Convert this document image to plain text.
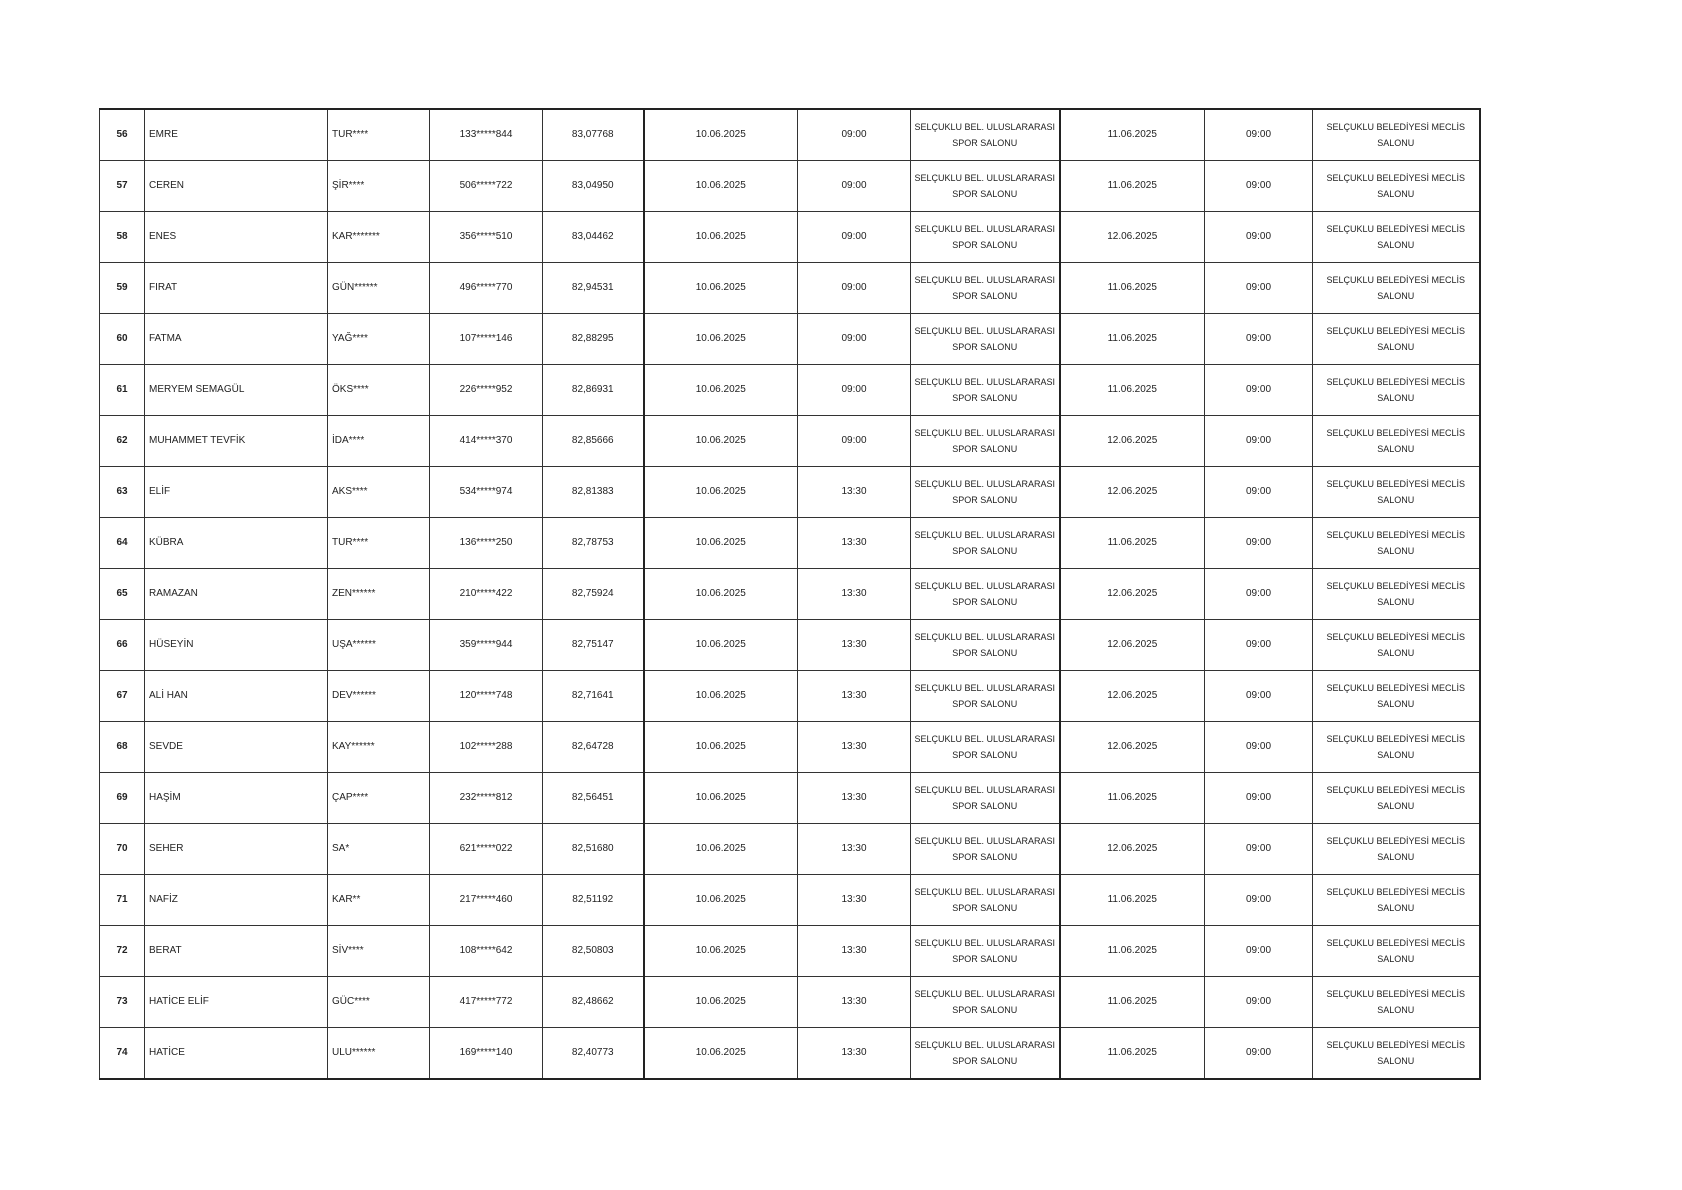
56	EMRE	TUR****	133*****844	83,07768	10.06.2025	09:00	SELÇUKLU BEL. ULUSLARARASI SPOR SALONU	11.06.2025	09:00	SELÇUKLU BELEDİYESİ MECLİS SALONU
57	CEREN	ŞİR****	506*****722	83,04950	10.06.2025	09:00	SELÇUKLU BEL. ULUSLARARASI SPOR SALONU	11.06.2025	09:00	SELÇUKLU BELEDİYESİ MECLİS SALONU
58	ENES	KAR*******	356*****510	83,04462	10.06.2025	09:00	SELÇUKLU BEL. ULUSLARARASI SPOR SALONU	12.06.2025	09:00	SELÇUKLU BELEDİYESİ MECLİS SALONU
59	FIRAT	GÜN******	496*****770	82,94531	10.06.2025	09:00	SELÇUKLU BEL. ULUSLARARASI SPOR SALONU	11.06.2025	09:00	SELÇUKLU BELEDİYESİ MECLİS SALONU
60	FATMA	YAĞ****	107*****146	82,88295	10.06.2025	09:00	SELÇUKLU BEL. ULUSLARARASI SPOR SALONU	11.06.2025	09:00	SELÇUKLU BELEDİYESİ MECLİS SALONU
61	MERYEM SEMAGÜL	ÖKS****	226*****952	82,86931	10.06.2025	09:00	SELÇUKLU BEL. ULUSLARARASI SPOR SALONU	11.06.2025	09:00	SELÇUKLU BELEDİYESİ MECLİS SALONU
62	MUHAMMET TEVFİK	İDA****	414*****370	82,85666	10.06.2025	09:00	SELÇUKLU BEL. ULUSLARARASI SPOR SALONU	12.06.2025	09:00	SELÇUKLU BELEDİYESİ MECLİS SALONU
63	ELİF	AKS****	534*****974	82,81383	10.06.2025	13:30	SELÇUKLU BEL. ULUSLARARASI SPOR SALONU	12.06.2025	09:00	SELÇUKLU BELEDİYESİ MECLİS SALONU
64	KÜBRA	TUR****	136*****250	82,78753	10.06.2025	13:30	SELÇUKLU BEL. ULUSLARARASI SPOR SALONU	11.06.2025	09:00	SELÇUKLU BELEDİYESİ MECLİS SALONU
65	RAMAZAN	ZEN******	210*****422	82,75924	10.06.2025	13:30	SELÇUKLU BEL. ULUSLARARASI SPOR SALONU	12.06.2025	09:00	SELÇUKLU BELEDİYESİ MECLİS SALONU
66	HÜSEYİN	UŞA******	359*****944	82,75147	10.06.2025	13:30	SELÇUKLU BEL. ULUSLARARASI SPOR SALONU	12.06.2025	09:00	SELÇUKLU BELEDİYESİ MECLİS SALONU
67	ALİ HAN	DEV******	120*****748	82,71641	10.06.2025	13:30	SELÇUKLU BEL. ULUSLARARASI SPOR SALONU	12.06.2025	09:00	SELÇUKLU BELEDİYESİ MECLİS SALONU
68	SEVDE	KAY******	102*****288	82,64728	10.06.2025	13:30	SELÇUKLU BEL. ULUSLARARASI SPOR SALONU	12.06.2025	09:00	SELÇUKLU BELEDİYESİ MECLİS SALONU
69	HAŞİM	ÇAP****	232*****812	82,56451	10.06.2025	13:30	SELÇUKLU BEL. ULUSLARARASI SPOR SALONU	11.06.2025	09:00	SELÇUKLU BELEDİYESİ MECLİS SALONU
70	SEHER	SA*	621*****022	82,51680	10.06.2025	13:30	SELÇUKLU BEL. ULUSLARARASI SPOR SALONU	12.06.2025	09:00	SELÇUKLU BELEDİYESİ MECLİS SALONU
71	NAFİZ	KAR**	217*****460	82,51192	10.06.2025	13:30	SELÇUKLU BEL. ULUSLARARASI SPOR SALONU	11.06.2025	09:00	SELÇUKLU BELEDİYESİ MECLİS SALONU
72	BERAT	SİV****	108*****642	82,50803	10.06.2025	13:30	SELÇUKLU BEL. ULUSLARARASI SPOR SALONU	11.06.2025	09:00	SELÇUKLU BELEDİYESİ MECLİS SALONU
73	HATİCE ELİF	GÜC****	417*****772	82,48662	10.06.2025	13:30	SELÇUKLU BEL. ULUSLARARASI SPOR SALONU	11.06.2025	09:00	SELÇUKLU BELEDİYESİ MECLİS SALONU
74	HATİCE	ULU******	169*****140	82,40773	10.06.2025	13:30	SELÇUKLU BEL. ULUSLARARASI SPOR SALONU	11.06.2025	09:00	SELÇUKLU BELEDİYESİ MECLİS SALONU
